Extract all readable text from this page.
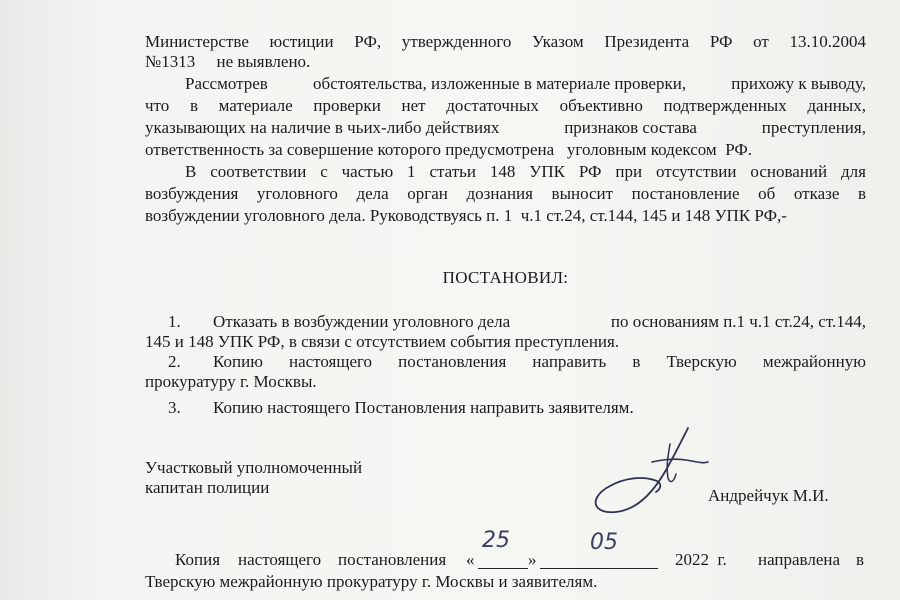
Министерстве юстиции РФ, утвержденного Указом Президента РФ от 13.10.2004
№1313     не выявлено.
Рассмотрев	обстоятельства, изложенные в материале проверки,	прихожу к выводу,
что в материале проверки нет достаточных объективно подтвержденных данных,
указывающих на наличие в чьих-либо действиях	признаков состава	преступления,
ответственность за совершение которого предусмотрена   уголовным кодексом  РФ.
В соответствии с частью 1 статьи 148 УПК РФ при отсутствии оснований для
возбуждения уголовного дела орган дознания выносит постановление об отказе в
возбуждении уголовного дела. Руководствуясь п. 1  ч.1 ст.24, ст.144, 145 и 148 УПК РФ,-
ПОСТАНОВИЛ:
1. Отказать в возбуждении уголовного дела	по основаниям п.1 ч.1 ст.24, ст.144,
145 и 148 УПК РФ, в связи с отсутствием события преступления.
2. Копию настоящего постановления направить в Тверскую межрайонную
прокуратуру г. Москвы.
3. Копию настоящего Постановления направить заявителям.
Участковый уполномоченный
капитан полиции	Андрейчук М.И.
Копия настоящего постановления «
25
»
05
2022  г. направлена в
Тверскую межрайонную прокуратуру г. Москвы и заявителям.
